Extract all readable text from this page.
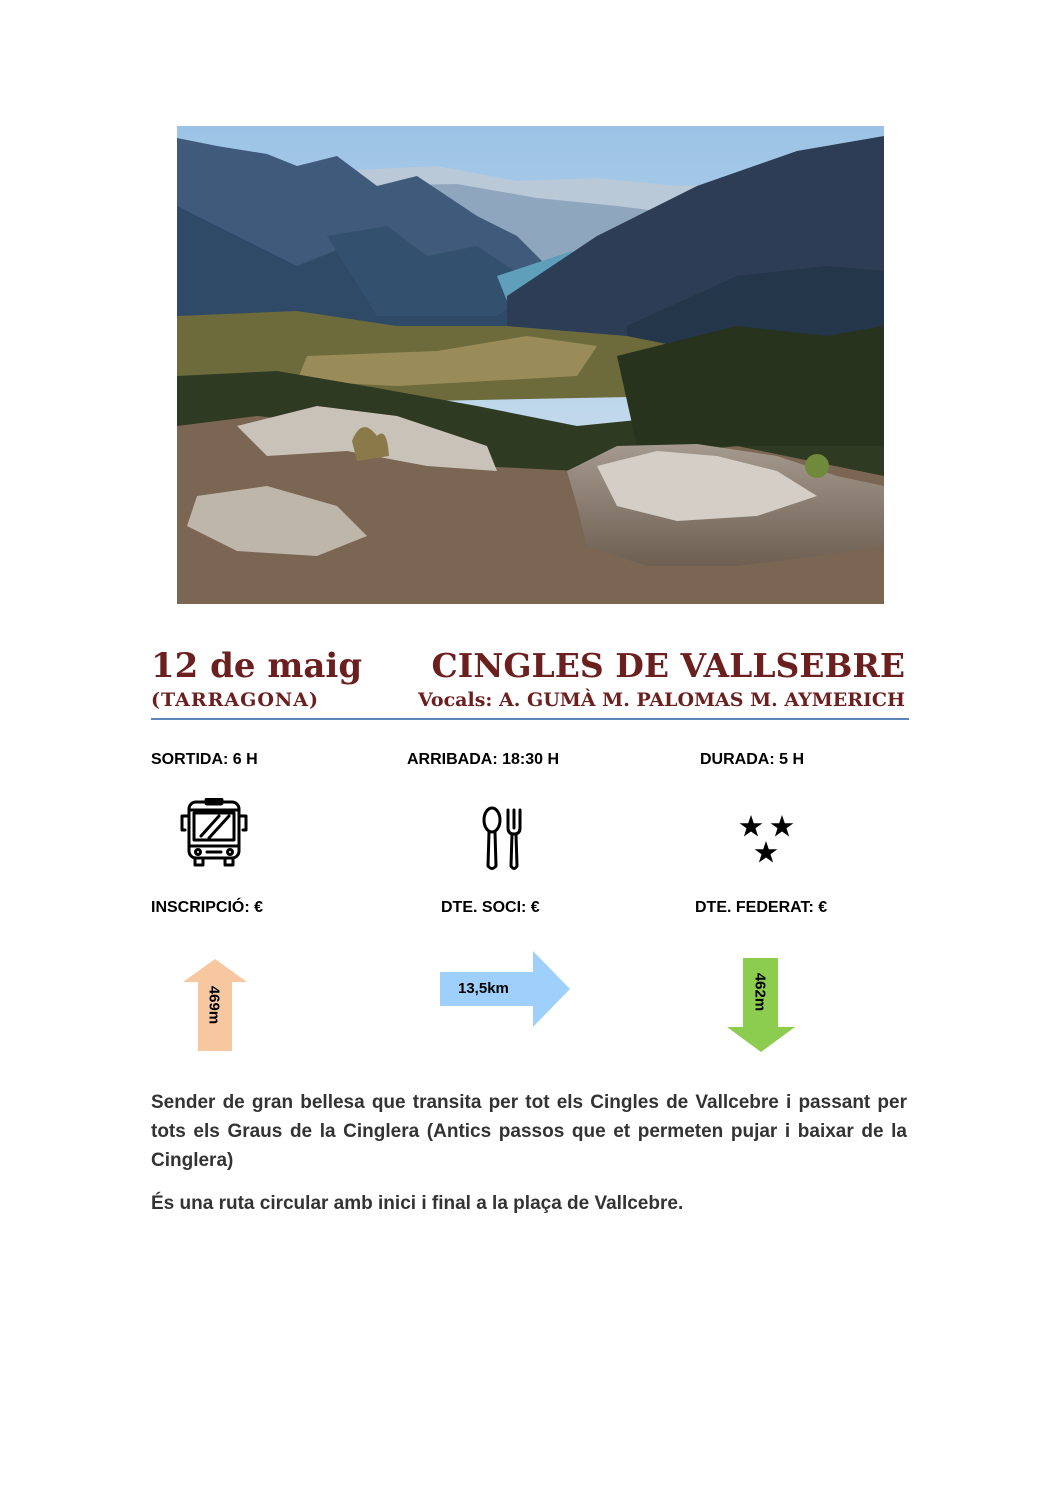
12 de maig
(TARRAGONA)
CINGLES DE VALLSEBRE
Vocals: A. GUMÀ M. PALOMAS M. AYMERICH
SORTIDA: 6 H	ARRIBADA: 18:30 H	DURADA: 5 H
INSCRIPCIÓ: €	DTE. SOCI: €	DTE. FEDERAT: €
469m	13,5km	462m

Sender de gran bellesa que transita per tot els Cingles de Vallcebre i passant per tots els Graus de la Cinglera (Antics passos que et permeten pujar i baixar de la Cinglera)

És una ruta circular amb inici i final a la plaça de Vallcebre.
